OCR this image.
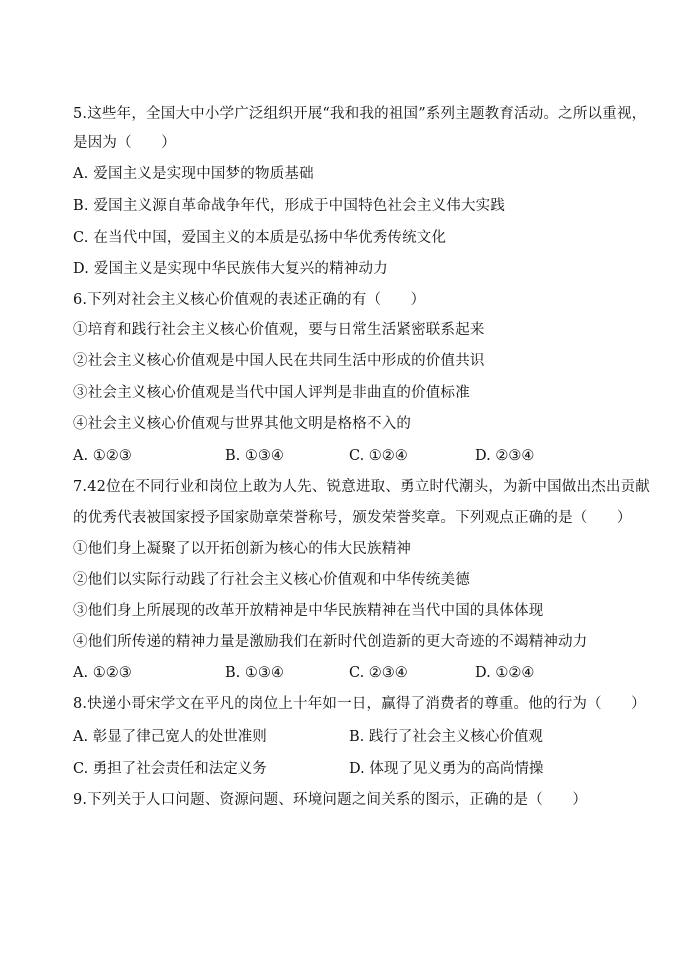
5.这些年，全国大中小学广泛组织开展“我和我的祖国”系列主题教育活动。之所以重视，
是因为（　　）
A. 爱国主义是实现中国梦的物质基础
B. 爱国主义源自革命战争年代，形成于中国特色社会主义伟大实践
C. 在当代中国，爱国主义的本质是弘扬中华优秀传统文化
D. 爱国主义是实现中华民族伟大复兴的精神动力
6.下列对社会主义核心价值观的表述正确的有（　　）
①培育和践行社会主义核心价值观，要与日常生活紧密联系起来
②社会主义核心价值观是中国人民在共同生活中形成的价值共识
③社会主义核心价值观是当代中国人评判是非曲直的价值标准
④社会主义核心价值观与世界其他文明是格格不入的
A. ①②③	B. ①③④	C. ①②④	D. ②③④
7.42位在不同行业和岗位上敢为人先、锐意进取、勇立时代潮头，为新中国做出杰出贡献
的优秀代表被国家授予国家勋章荣誉称号，颁发荣誉奖章。下列观点正确的是（　　）
①他们身上凝聚了以开拓创新为核心的伟大民族精神
②他们以实际行动践了行社会主义核心价值观和中华传统美德
③他们身上所展现的改革开放精神是中华民族精神在当代中国的具体体现
④他们所传递的精神力量是激励我们在新时代创造新的更大奇迹的不竭精神动力
A. ①②③	B. ①③④	C. ②③④	D. ①②④
8.快递小哥宋学文在平凡的岗位上十年如一日，赢得了消费者的尊重。他的行为（　　）
A. 彰显了律己宽人的处世准则	B. 践行了社会主义核心价值观
C. 勇担了社会责任和法定义务	D. 体现了见义勇为的高尚情操
9.下列关于人口问题、资源问题、环境问题之间关系的图示，正确的是（　　）
